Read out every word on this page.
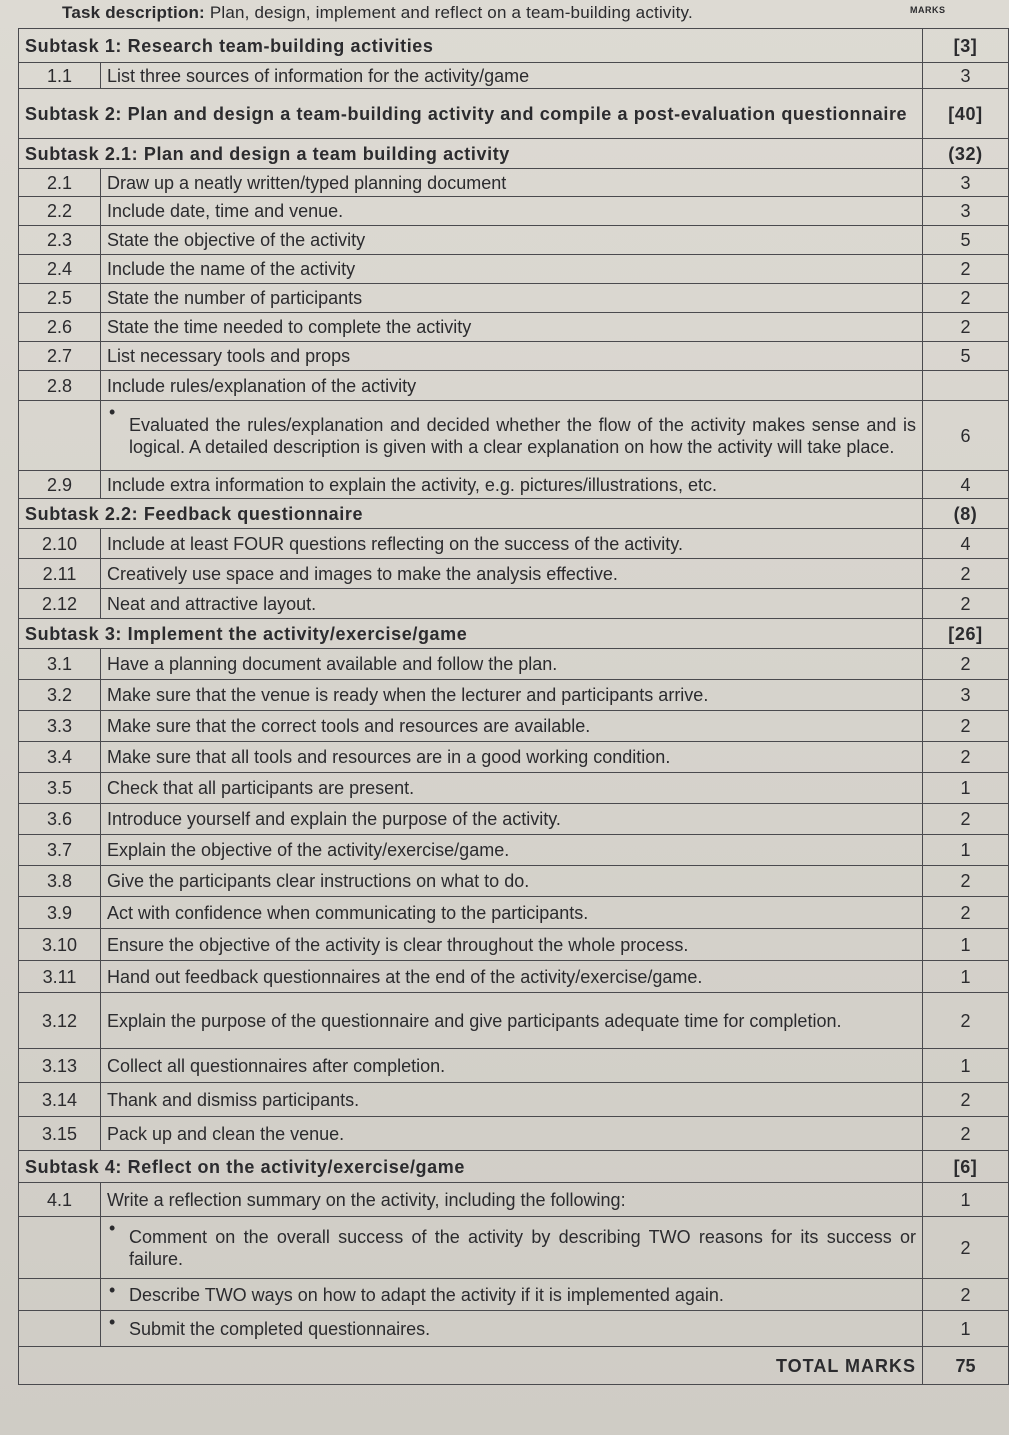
Task description: Plan, design, implement and reflect on a team-building activity.	MARKS
Subtask 1: Research team-building activities		[3]
1.1	List three sources of information for the activity/game	3
Subtask 2: Plan and design a team-building activity and compile a post-evaluation questionnaire		[40]
Subtask 2.1: Plan and design a team building activity		(32)
2.1	Draw up a neatly written/typed planning document	3
2.2	Include date, time and venue.	3
2.3	State the objective of the activity	5
2.4	Include the name of the activity	2
2.5	State the number of participants	2
2.6	State the time needed to complete the activity	2
2.7	List necessary tools and props	5
2.8	Include rules/explanation of the activity	
	• Evaluated the rules/explanation and decided whether the flow of the activity makes sense and is logical. A detailed description is given with a clear explanation on how the activity will take place.	6
2.9	Include extra information to explain the activity, e.g. pictures/illustrations, etc.	4
Subtask 2.2: Feedback questionnaire		(8)
2.10	Include at least FOUR questions reflecting on the success of the activity.	4
2.11	Creatively use space and images to make the analysis effective.	2
2.12	Neat and attractive layout.	2
Subtask 3: Implement the activity/exercise/game		[26]
3.1	Have a planning document available and follow the plan.	2
3.2	Make sure that the venue is ready when the lecturer and participants arrive.	3
3.3	Make sure that the correct tools and resources are available.	2
3.4	Make sure that all tools and resources are in a good working condition.	2
3.5	Check that all participants are present.	1
3.6	Introduce yourself and explain the purpose of the activity.	2
3.7	Explain the objective of the activity/exercise/game.	1
3.8	Give the participants clear instructions on what to do.	2
3.9	Act with confidence when communicating to the participants.	2
3.10	Ensure the objective of the activity is clear throughout the whole process.	1
3.11	Hand out feedback questionnaires at the end of the activity/exercise/game.	1
3.12	Explain the purpose of the questionnaire and give participants adequate time for completion.	2
3.13	Collect all questionnaires after completion.	1
3.14	Thank and dismiss participants.	2
3.15	Pack up and clean the venue.	2
Subtask 4: Reflect on the activity/exercise/game		[6]
4.1	Write a reflection summary on the activity, including the following:	1
	• Comment on the overall success of the activity by describing TWO reasons for its success or failure.	2
	• Describe TWO ways on how to adapt the activity if it is implemented again.	2
	• Submit the completed questionnaires.	1
	TOTAL MARKS	75
